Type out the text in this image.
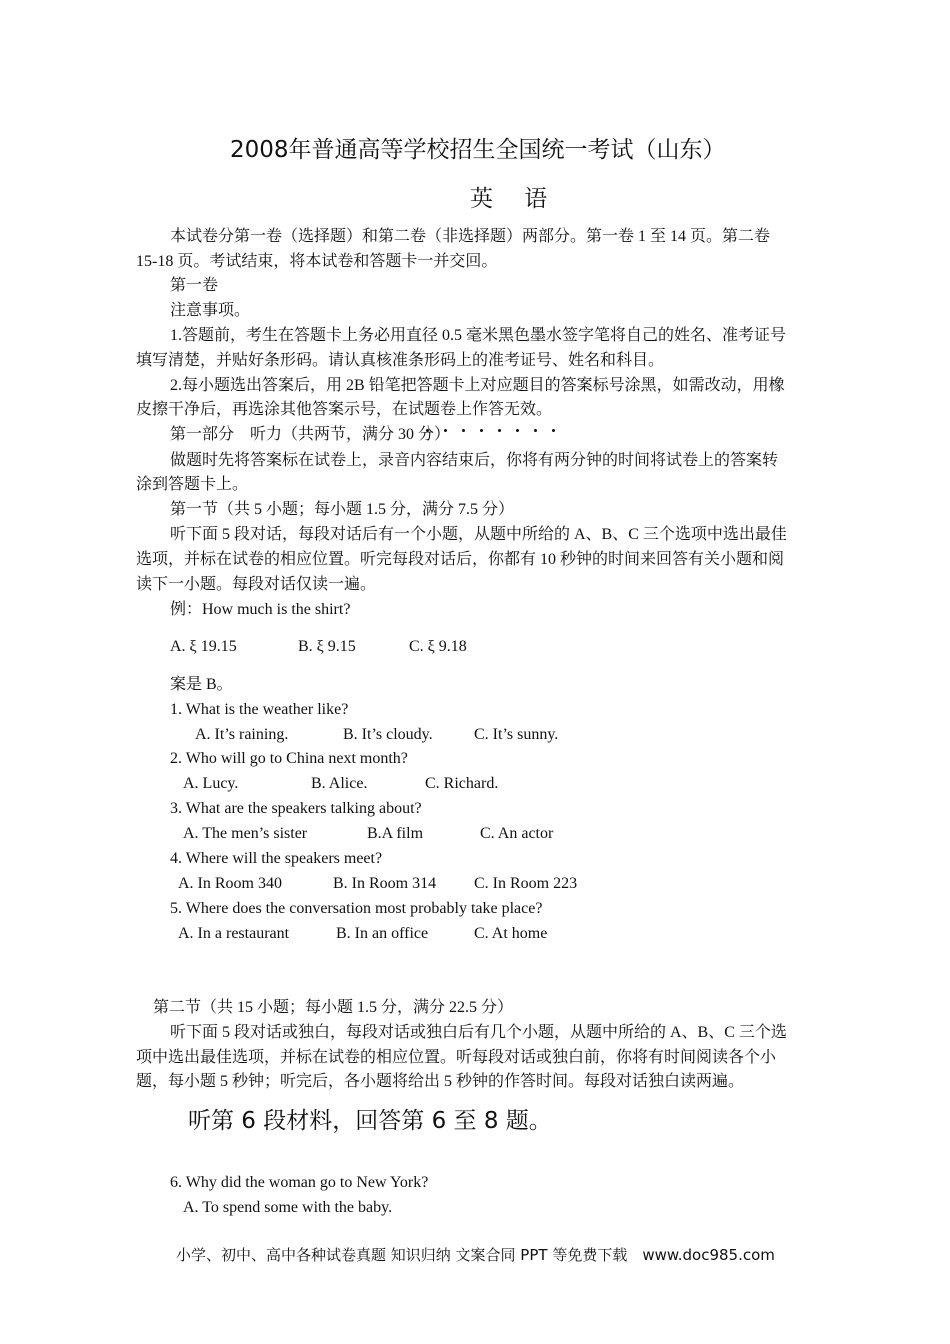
2008年普通高等学校招生全国统一考试（山东）
英 语
本试卷分第一卷（选择题）和第二卷（非选择题）两部分。第一卷 1 至 14 页。第二卷
15-18 页。考试结束，将本试卷和答题卡一并交回。
第一卷
注意事项。
1.答题前，考生在答题卡上务必用直径 0.5 毫米黑色墨水签字笔将自己的姓名、准考证号
填写清楚，并贴好条形码。请认真核准条形码上的准考证号、姓名和科目。
2.每小题选出答案后，用 2B 铅笔把答题卡上对应题目的答案标号涂黑，如需改动，用橡
皮擦干净后，再选涂其他答案示号，在试题卷上作答无效。
第一部分　听力（共两节，满分 30 分）
做题时先将答案标在试卷上，录音内容结束后，你将有两分钟的时间将试卷上的答案转
涂到答题卡上。
第一节（共 5 小题；每小题 1.5 分，满分 7.5 分）
听下面 5 段对话，每段对话后有一个小题，从题中所给的 A、B、C 三个选项中选出最佳
选项，并标在试卷的相应位置。听完每段对话后，你都有 10 秒钟的时间来回答有关小题和阅
读下一小题。每段对话仅读一遍。
例：How much is the shirt?
A. ξ 19.15	B. ξ 9.15	C. ξ 9.18
案是 B。
1. What is the weather like?
A. It’s raining.	B. It’s cloudy.	C. It’s sunny.
2. Who will go to China next month?
A. Lucy.	B. Alice.	C. Richard.
3. What are the speakers talking about?
A. The men’s sister	B.A film	C. An actor
4. Where will the speakers meet?
A. In Room 340	B. In Room 314 C. In Room 223
5. Where does the conversation most probably take place?
A. In a restaurant	B. In an office	C. At home
第二节（共 15 小题；每小题 1.5 分，满分 22.5 分）
听下面 5 段对话或独白，每段对话或独白后有几个小题，从题中所给的 A、B、C 三个选
项中选出最佳选项，并标在试卷的相应位置。听每段对话或独白前，你将有时间阅读各个小
题，每小题 5 秒钟；听完后，各小题将给出 5 秒钟的作答时间。每段对话独白读两遍。
听第 6 段材料，回答第 6 至 8 题。
6. Why did the woman go to New York?
A. To spend some with the baby.
小学、初中、高中各种试卷真题 知识归纳 文案合同 PPT 等免费下载　www.doc985.com
